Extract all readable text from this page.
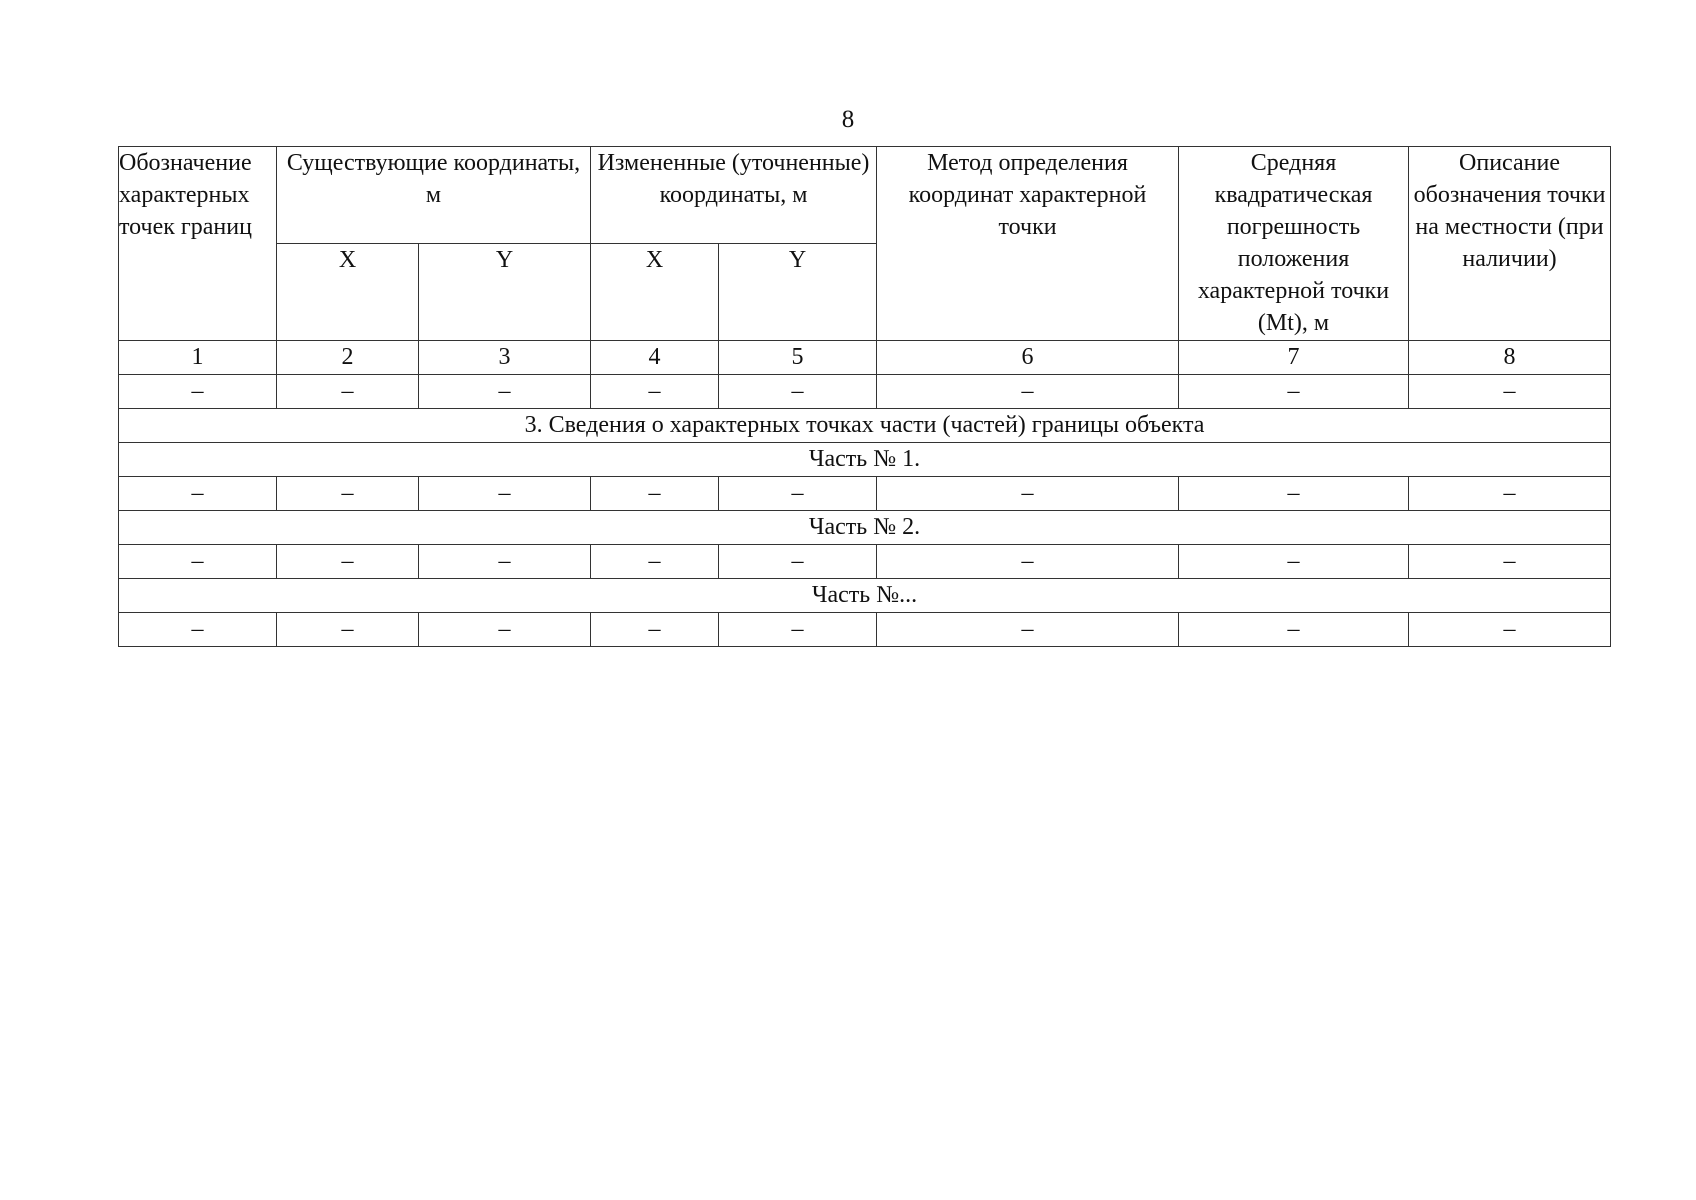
8
Обозначение характерных точек границ	Существующие координаты, м		Измененные (уточненные) координаты, м		Метод определения координат характерной точки	Средняя квадратическая погрешность положения характерной точки (Mt), м	Описание обозначения точки на местности (при наличии)
	X	Y	X	Y			
1	2	3	4	5	6	7	8
–	–	–	–	–	–	–	–
3. Сведения о характерных точках части (частей) границы объекта							
Часть № 1.							
–	–	–	–	–	–	–	–
Часть № 2.							
–	–	–	–	–	–	–	–
Часть №...							
–	–	–	–	–	–	–	–
